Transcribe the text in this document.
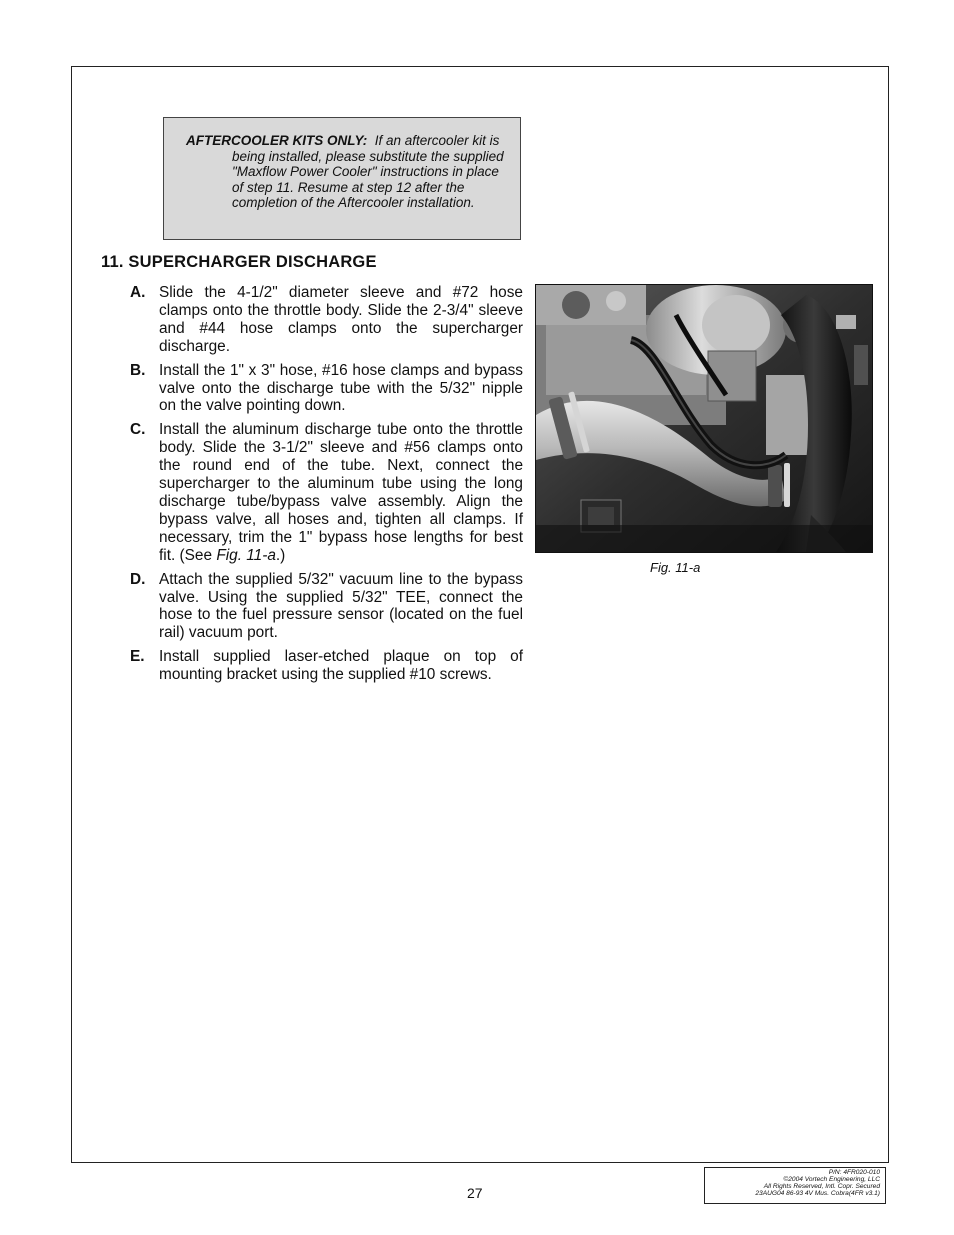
AFTERCOOLER KITS ONLY: If an aftercooler kit is
being installed, please substitute the supplied "Maxflow Power Cooler" instructions in place of step 11. Resume at step 12 after the completion of the Aftercooler installation.
11. SUPERCHARGER DISCHARGE
A. Slide the 4-1/2" diameter sleeve and #72 hose clamps onto the throttle body. Slide the 2-3/4" sleeve and #44 hose clamps onto the supercharger discharge.
B. Install the 1" x 3" hose, #16 hose clamps and bypass valve onto the discharge tube with the 5/32" nipple on the valve pointing down.
C. Install the aluminum discharge tube onto the throttle body. Slide the 3-1/2" sleeve and #56 clamps onto the round end of the tube. Next, connect the supercharger to the aluminum tube using the long discharge tube/bypass valve assembly. Align the bypass valve, all hoses and, tighten all clamps. If necessary, trim the 1" bypass hose lengths for best fit. (See Fig. 11-a.)
D. Attach the supplied 5/32" vacuum line to the bypass valve. Using the supplied 5/32" TEE, connect the hose to the fuel pressure sensor (located on the fuel rail) vacuum port.
E. Install supplied laser-etched plaque on top of mounting bracket using the supplied #10 screws.
Fig. 11-a
27
P/N: 4FR020-010
©2004 Vortech Engineering, LLC
All Rights Reserved, Intl. Copr. Secured
23AUG04 86-93 4V Mus. Cobra(4FR v3.1)
